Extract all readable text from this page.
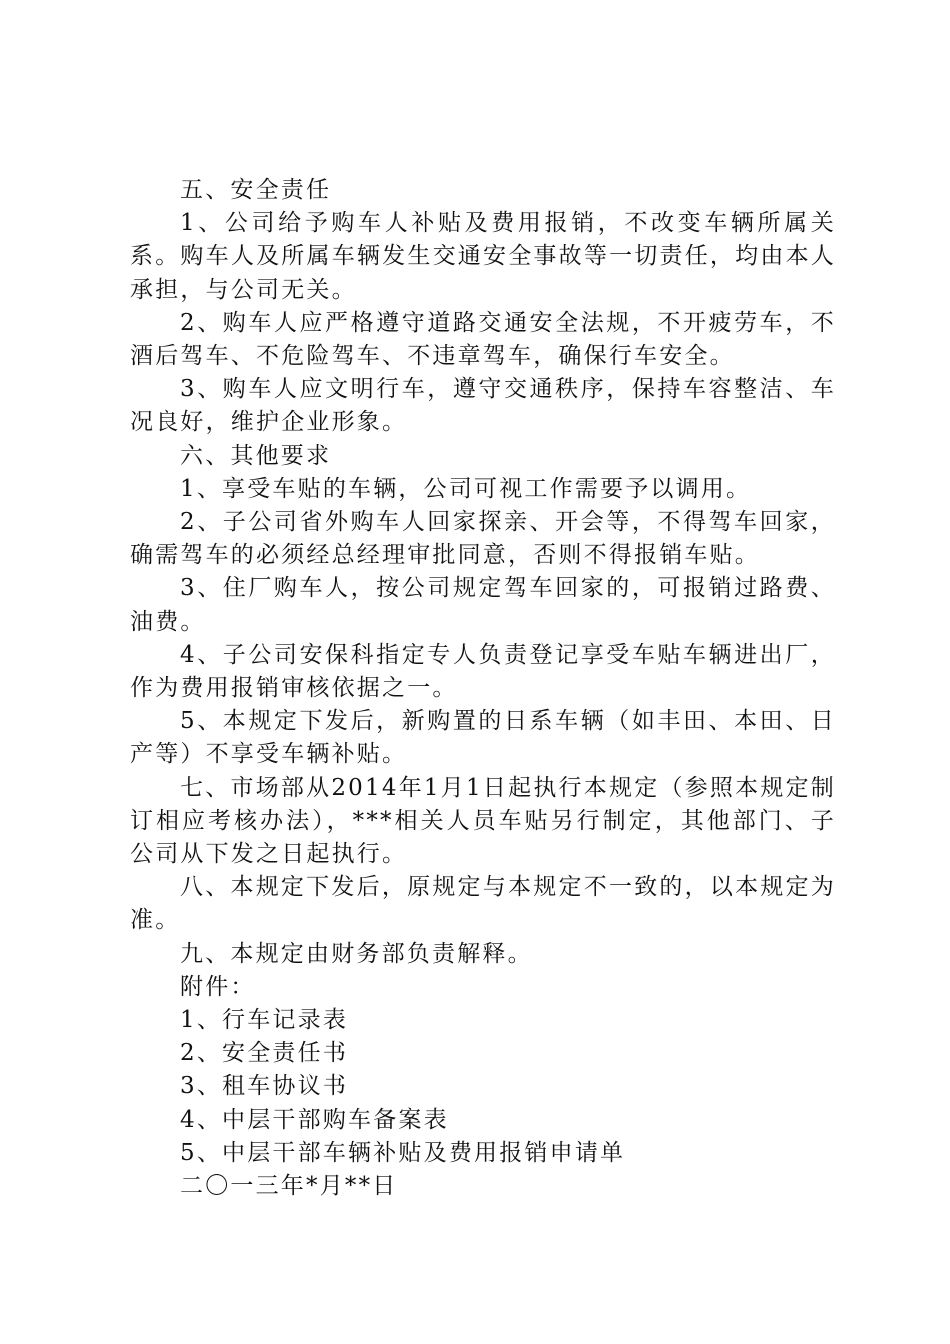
五、安全责任

1、公司给予购车人补贴及费用报销，不改变车辆所属关系。购车人及所属车辆发生交通安全事故等一切责任，均由本人承担，与公司无关。

2、购车人应严格遵守道路交通安全法规，不开疲劳车，不酒后驾车、不危险驾车、不违章驾车，确保行车安全。

3、购车人应文明行车，遵守交通秩序，保持车容整洁、车况良好，维护企业形象。

六、其他要求

1、享受车贴的车辆，公司可视工作需要予以调用。

2、子公司省外购车人回家探亲、开会等，不得驾车回家，确需驾车的必须经总经理审批同意，否则不得报销车贴。

3、住厂购车人，按公司规定驾车回家的，可报销过路费、油费。

4、子公司安保科指定专人负责登记享受车贴车辆进出厂，作为费用报销审核依据之一。

5、本规定下发后，新购置的日系车辆（如丰田、本田、日产等）不享受车辆补贴。

七、市场部从2014年1月1日起执行本规定（参照本规定制订相应考核办法），***相关人员车贴另行制定，其他部门、子公司从下发之日起执行。

八、本规定下发后，原规定与本规定不一致的，以本规定为准。

九、本规定由财务部负责解释。

附件：

1、行车记录表

2、安全责任书

3、租车协议书

4、中层干部购车备案表

5、中层干部车辆补贴及费用报销申请单

二〇一三年*月**日
